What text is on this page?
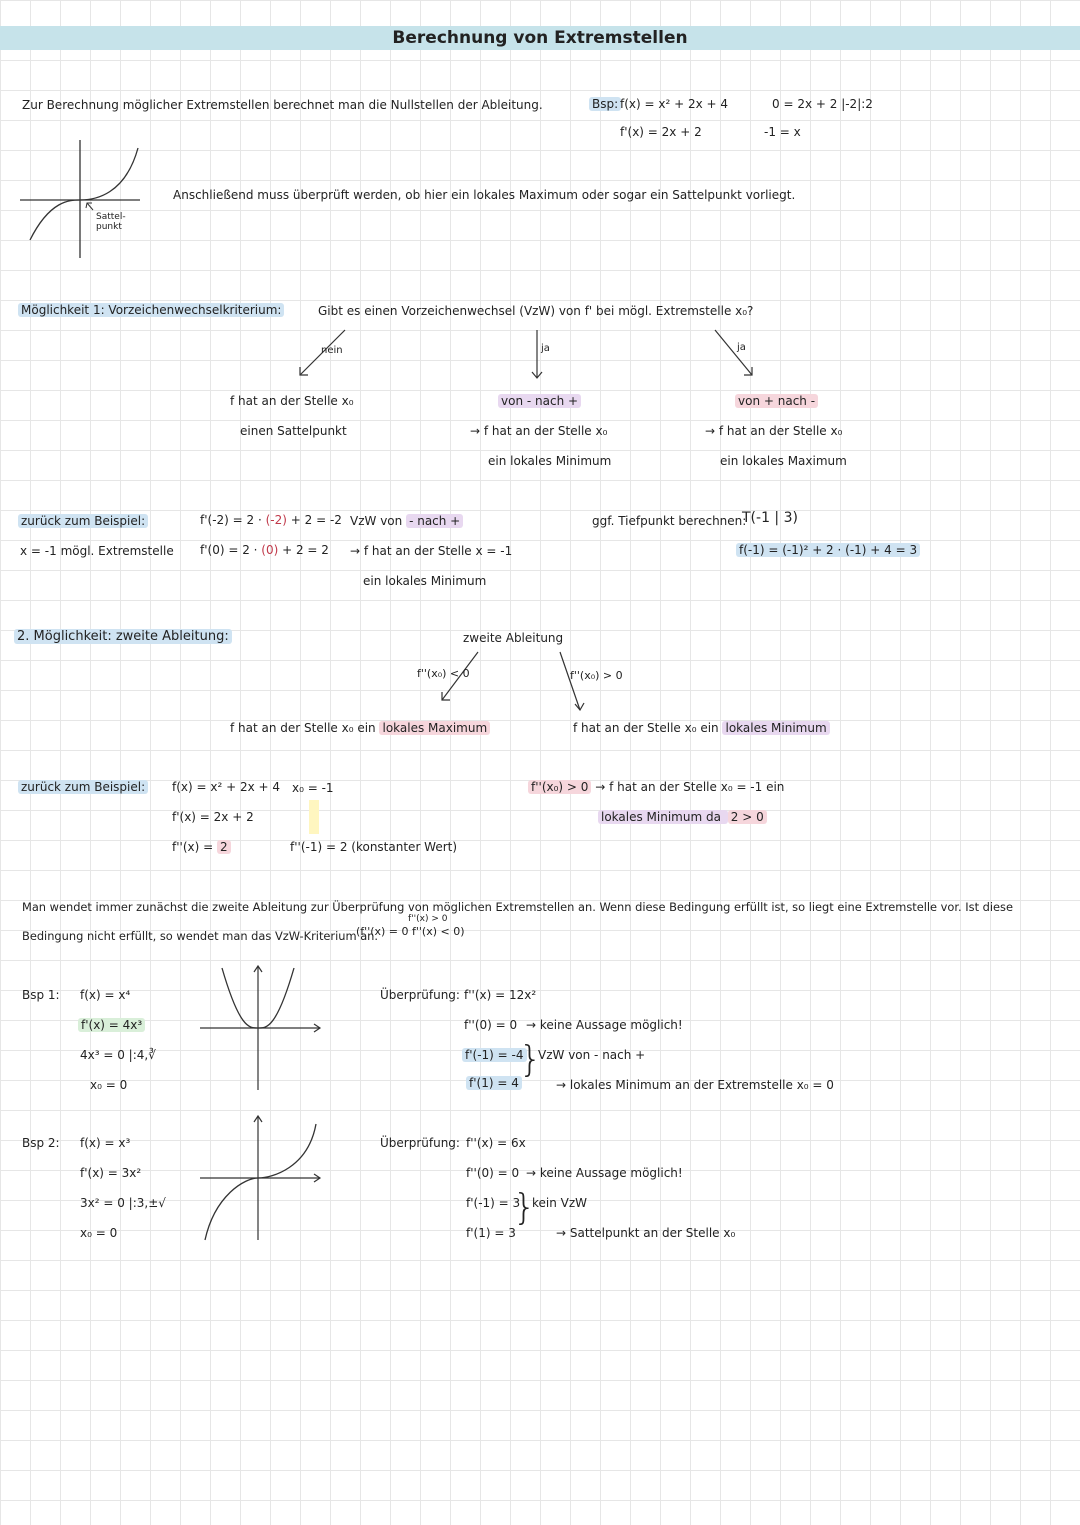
Berechnung von Extremstellen
Zur Berechnung möglicher Extremstellen berechnet man die Nullstellen der Ableitung.	Bsp: f(x) = x² + 2x + 4
f'(x) = 2x + 2
0 = 2x + 2 |-2|:2
-1 = x
Sattel-
punkt
Anschließend muss überprüft werden, ob hier ein lokales Maximum oder sogar ein Sattelpunkt vorliegt.
Möglichkeit 1: Vorzeichenwechselkriterium:	Gibt es einen Vorzeichenwechsel (VzW) von f' bei mögl. Extremstelle x₀?
nein	ja	ja
f hat an der Stelle x₀
einen Sattelpunkt
von - nach +
→ f hat an der Stelle x₀
ein lokales Minimum
von + nach -
→ f hat an der Stelle x₀
ein lokales Maximum
zurück zum Beispiel:
x = -1 mögl. Extremstelle
f'(-2) = 2 · (-2) + 2 = -2
f'(0) = 2 · (0) + 2 = 2
VzW von - nach +
→ f hat an der Stelle x = -1
ein lokales Minimum
ggf. Tiefpunkt berechnen:
T(-1 | 3)
f(-1) = (-1)² + 2 · (-1) + 4 = 3
2. Möglichkeit: zweite Ableitung:	zweite Ableitung
f''(x₀) < 0	f''(x₀) > 0
f hat an der Stelle x₀ ein lokales Maximum	f hat an der Stelle x₀ ein lokales Minimum
zurück zum Beispiel: f(x) = x² + 2x + 4
f'(x) = 2x + 2
f''(x) = 2
x₀ = -1
f''(-1) = 2 (konstanter Wert)
f''(x₀) > 0 → f hat an der Stelle x₀ = -1 ein
lokales Minimum da 2 > 0
Man wendet immer zunächst die zweite Ableitung zur Überprüfung von möglichen Extremstellen an. Wenn diese Bedingung erfüllt ist, so liegt eine Extremstelle vor. Ist diese
Bedingung nicht erfüllt, so wendet man das VzW-Kriterium an.
f''(x) > 0
(f''(x) = 0 f''(x) < 0)
Bsp 1: f(x) = x⁴
f'(x) = 4x³
4x³ = 0 |:4,∛
x₀ = 0
Überprüfung: f''(x) = 12x²
f''(0) = 0 → keine Aussage möglich!
f'(-1) = -4
f'(1) = 4
}
VzW von - nach +
→ lokales Minimum an der Extremstelle x₀ = 0
Bsp 2: f(x) = x³
f'(x) = 3x²
3x² = 0 |:3,±√
x₀ = 0
Überprüfung: f''(x) = 6x
f''(0) = 0 → keine Aussage möglich!
f'(-1) = 3
f'(1) = 3
}
kein VzW
→ Sattelpunkt an der Stelle x₀
